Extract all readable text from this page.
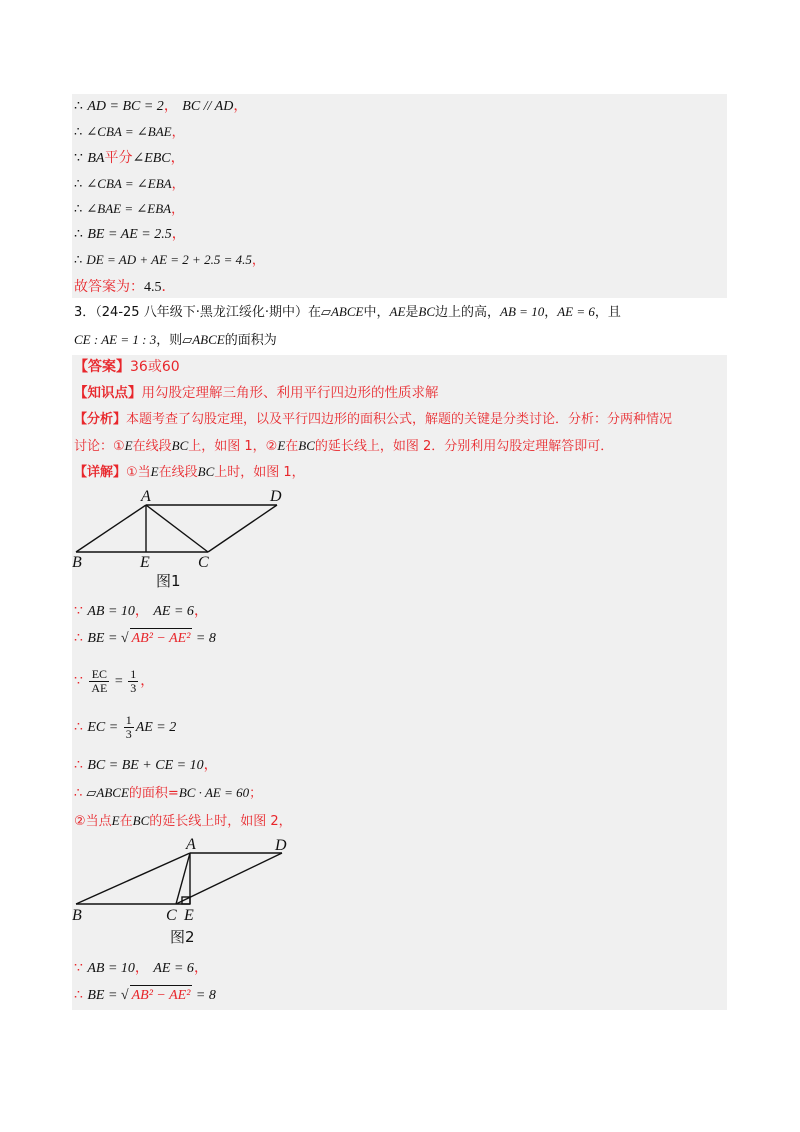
∴ AD = BC = 2， BC // AD，
∴ ∠CBA = ∠BAE，
∵ BA平分∠EBC，
∴ ∠CBA = ∠EBA，
∴ ∠BAE = ∠EBA，
∴ BE = AE = 2.5，
∴ DE = AD + AE = 2 + 2.5 = 4.5，
故答案为：4.5．
3．（24-25 八年级下·黑龙江绥化·期中）在▱ABCE中，AE是BC边上的高，AB = 10，AE = 6，且
CE : AE = 1 : 3，则▱ABCE的面积为
【答案】36或60
【知识点】用勾股定理解三角形、利用平行四边形的性质求解
【分析】本题考查了勾股定理，以及平行四边形的面积公式，解题的关键是分类讨论．分析：分两种情况
讨论：①E在线段BC上，如图 1，②E在BC的延长线上，如图 2．分别利用勾股定理解答即可．
【详解】①当E在线段BC上时，如图 1，
A	D
B	E	C
图1
∵ AB = 10， AE = 6，
∴ BE = √ AB² − AE² = 8
∵ $\frac{EC}{AE} = \frac{1}{3}$ ，
∴ EC = $\frac{1}{3}$ AE = 2
∴ BC = BE + CE = 10，
∴ ▱ABCE的面积=BC · AE = 60；
②当点E在BC的延长线上时，如图 2，
A	D
B	C E
图2
∵ AB = 10， AE = 6，
∴ BE = √ AB² − AE² = 8
